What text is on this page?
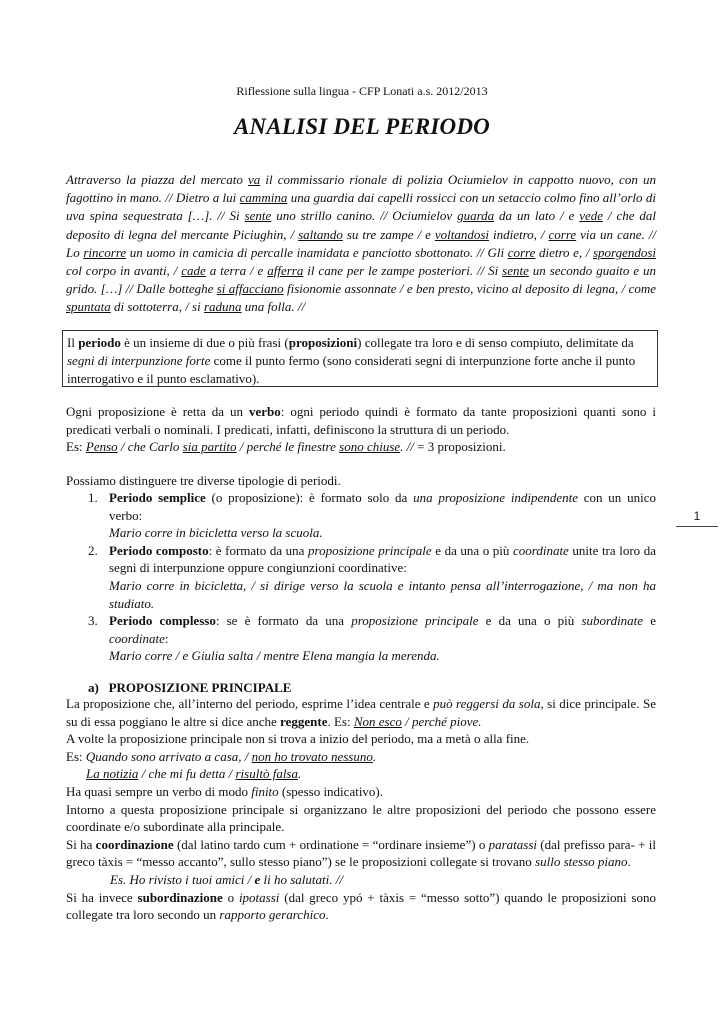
Riflessione sulla lingua - CFP Lonati a.s. 2012/2013
ANALISI DEL PERIODO
Attraverso la piazza del mercato va il commissario rionale di polizia Ociumielov in cappotto nuovo, con un fagottino in mano. // Dietro a lui cammina una guardia dai capelli rossicci con un setaccio colmo fino all’orlo di uva spina sequestrata […]. // Si sente uno strillo canino. // Ociumielov guarda da un lato / e vede / che dal deposito di legna del mercante Piciughin, / saltando su tre zampe / e voltandosi indietro, / corre via un cane. // Lo rincorre un uomo in camicia di percalle inamidata e panciotto sbottonato. // Gli corre dietro e, / sporgendosi col corpo in avanti, / cade a terra / e afferra il cane per le zampe posteriori. // Si sente un secondo guaito e un grido. […] // Dalle botteghe si affacciano fisionomie assonnate / e ben presto, vicino al deposito di legna, / come spuntata di sottoterra, / si raduna una folla. //
Il periodo è un insieme di due o più frasi (proposizioni) collegate tra loro e di senso compiuto, delimitate da segni di interpunzione forte come il punto fermo (sono considerati segni di interpunzione forte anche il punto interrogativo e il punto esclamativo).
Ogni proposizione è retta da un verbo: ogni periodo quindi è formato da tante proposizioni quanti sono i predicati verbali o nominali. I predicati, infatti, definiscono la struttura di un periodo.
Es: Penso / che Carlo sia partito / perché le finestre sono chiuse. // = 3 proposizioni.
Possiamo distinguere tre diverse tipologie di periodi.
1. Periodo semplice (o proposizione): è formato solo da una proposizione indipendente con un unico verbo:
Mario corre in bicicletta verso la scuola.
2. Periodo composto: è formato da una proposizione principale e da una o più coordinate unite tra loro da segni di interpunzione oppure congiunzioni coordinative:
Mario corre in bicicletta, / si dirige verso la scuola e intanto pensa all’interrogazione, / ma non ha studiato.
3. Periodo complesso: se è formato da una proposizione principale e da una o più subordinate e coordinate:
Mario corre / e Giulia salta / mentre Elena mangia la merenda.
a)   PROPOSIZIONE PRINCIPALE
La proposizione che, all’interno del periodo, esprime l’idea centrale e può reggersi da sola, si dice principale. Se su di essa poggiano le altre si dice anche reggente. Es: Non esco / perché piove.
A volte la proposizione principale non si trova a inizio del periodo, ma a metà o alla fine.
Es: Quando sono arrivato a casa, / non ho trovato nessuno.
La notizia / che mi fu detta / risultò falsa.
Ha quasi sempre un verbo di modo finito (spesso indicativo).
Intorno a questa proposizione principale si organizzano le altre proposizioni del periodo che possono essere coordinate e/o subordinate alla principale.
Si ha coordinazione (dal latino tardo cum + ordinatione = “ordinare insieme”) o paratassi (dal prefisso para- + il greco tàxis = “messo accanto”, sullo stesso piano”) se le proposizioni collegate si trovano sullo stesso piano.
Es. Ho rivisto i tuoi amici / e li ho salutati. //
Si ha invece subordinazione o ipotassi (dal greco ypó + tàxis = “messo sotto”) quando le proposizioni sono collegate tra loro secondo un rapporto gerarchico.
1
